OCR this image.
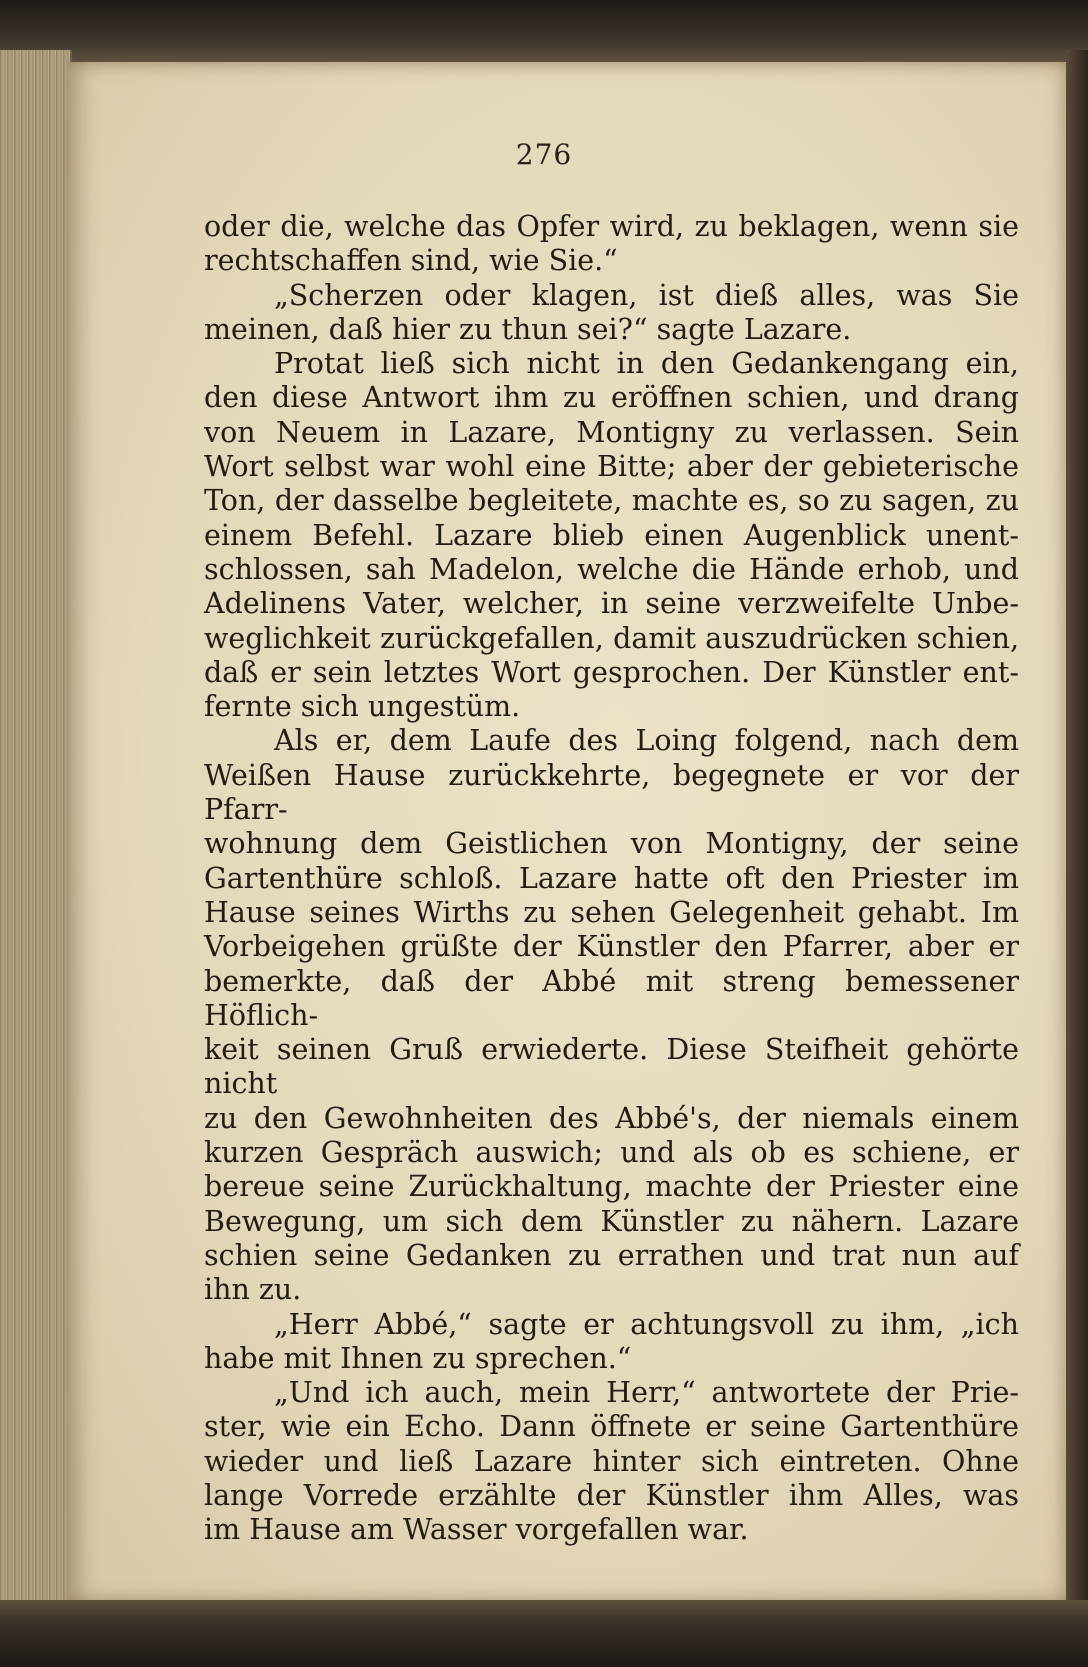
276
oder die, welche das Opfer wird, zu beklagen, wenn sie
rechtschaffen sind, wie Sie.“
„Scherzen oder klagen, ist dieß alles, was Sie
meinen, daß hier zu thun sei?“ sagte Lazare.
Protat ließ sich nicht in den Gedankengang ein,
den diese Antwort ihm zu eröffnen schien, und drang
von Neuem in Lazare, Montigny zu verlassen. Sein
Wort selbst war wohl eine Bitte; aber der gebieterische
Ton, der dasselbe begleitete, machte es, so zu sagen, zu
einem Befehl. Lazare blieb einen Augenblick unent-
schlossen, sah Madelon, welche die Hände erhob, und
Adelinens Vater, welcher, in seine verzweifelte Unbe-
weglichkeit zurückgefallen, damit auszudrücken schien,
daß er sein letztes Wort gesprochen. Der Künstler ent-
fernte sich ungestüm.
Als er, dem Laufe des Loing folgend, nach dem
Weißen Hause zurückkehrte, begegnete er vor der Pfarr-
wohnung dem Geistlichen von Montigny, der seine
Gartenthüre schloß. Lazare hatte oft den Priester im
Hause seines Wirths zu sehen Gelegenheit gehabt. Im
Vorbeigehen grüßte der Künstler den Pfarrer, aber er
bemerkte, daß der Abbé mit streng bemessener Höflich-
keit seinen Gruß erwiederte. Diese Steifheit gehörte nicht
zu den Gewohnheiten des Abbé's, der niemals einem
kurzen Gespräch auswich; und als ob es schiene, er
bereue seine Zurückhaltung, machte der Priester eine
Bewegung, um sich dem Künstler zu nähern. Lazare
schien seine Gedanken zu errathen und trat nun auf
ihn zu.
„Herr Abbé,“ sagte er achtungsvoll zu ihm, „ich
habe mit Ihnen zu sprechen.“
„Und ich auch, mein Herr,“ antwortete der Prie-
ster, wie ein Echo. Dann öffnete er seine Gartenthüre
wieder und ließ Lazare hinter sich eintreten. Ohne
lange Vorrede erzählte der Künstler ihm Alles, was
im Hause am Wasser vorgefallen war.
